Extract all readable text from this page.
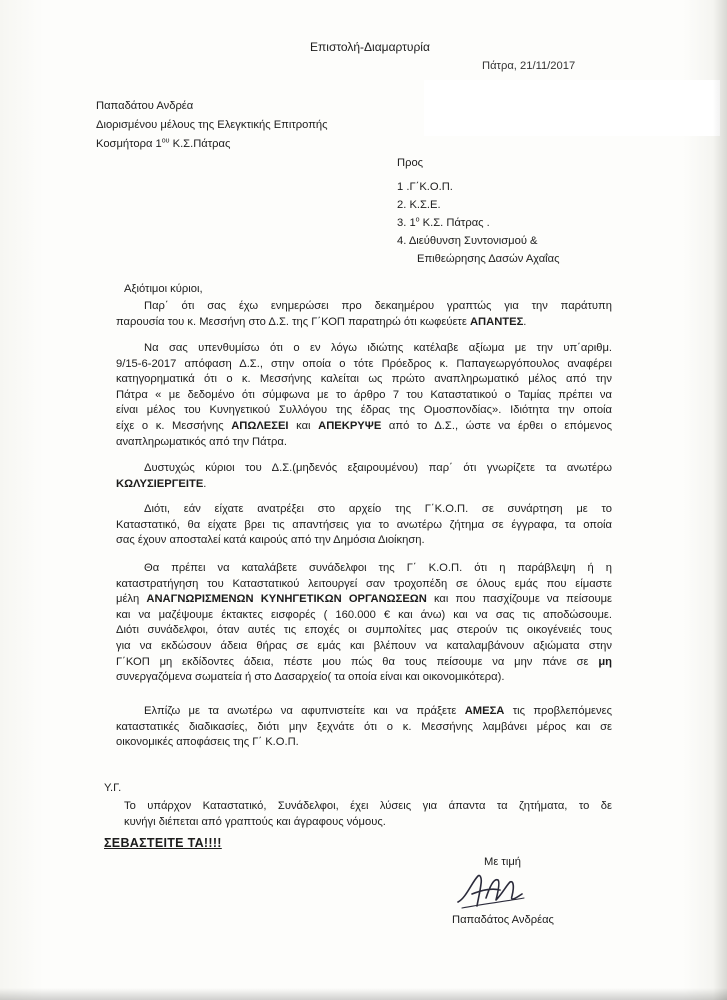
Επιστολή-Διαμαρτυρία
Πάτρα, 21/11/2017
Παπαδάτου Ανδρέα
Διορισμένου μέλους της Ελεγκτικής Επιτροπής
Κοσμήτορα $1^{o\upsilon}$ Κ.Σ.Πάτρας
Προς
1 .Γ΄Κ.Ο.Π.
2. Κ.Σ.Ε.
3. $1^o$ Κ.Σ. Πάτρας .
4. Διεύθυνση Συντονισμού &
Επιθεώρησης Δασών Αχαΐας
Αξιότιμοι κύριοι,
Παρ΄ ότι σας έχω ενημερώσει προ δεκαημέρου γραπτώς για την παράτυπη
παρουσία του κ. Μεσσήνη στο Δ.Σ. της Γ΄ΚΟΠ παρατηρώ ότι κωφεύετε ΑΠΑΝΤΕΣ.
Να σας υπενθυμίσω ότι ο εν λόγω ιδιώτης κατέλαβε αξίωμα με την υπ΄αριθμ.
9/15-6-2017 απόφαση Δ.Σ., στην οποία ο τότε Πρόεδρος κ. Παπαγεωργόπουλος αναφέρει
κατηγορηματικά ότι ο κ. Μεσσήνης καλείται ως πρώτο αναπληρωματικό μέλος από την
Πάτρα « με δεδομένο ότι σύμφωνα με το άρθρο 7 του Καταστατικού ο Ταμίας πρέπει να
είναι μέλος του Κυνηγετικού Συλλόγου της έδρας της Ομοσπονδίας». Ιδιότητα την οποία
είχε ο κ. Μεσσήνης ΑΠΩΛΕΣΕΙ και ΑΠΕΚΡΥΨΕ από το Δ.Σ., ώστε να έρθει ο επόμενος
αναπληρωματικός από την Πάτρα.
Δυστυχώς κύριοι του Δ.Σ.(μηδενός εξαιρουμένου) παρ΄ ότι γνωρίζετε τα ανωτέρω
ΚΩΛΥΣΙΕΡΓΕΙΤΕ.
Διότι, εάν είχατε ανατρέξει στο αρχείο της Γ΄Κ.Ο.Π. σε συνάρτηση με το
Καταστατικό, θα είχατε βρει τις απαντήσεις για το ανωτέρω ζήτημα σε έγγραφα, τα οποία
σας έχουν αποσταλεί κατά καιρούς από την Δημόσια Διοίκηση.
Θα πρέπει να καταλάβετε συνάδελφοι της Γ΄ Κ.Ο.Π. ότι η παράβλεψη ή η
καταστρατήγηση του Καταστατικού λειτουργεί σαν τροχοπέδη σε όλους εμάς που είμαστε
μέλη ΑΝΑΓΝΩΡΙΣΜΕΝΩΝ ΚΥΝΗΓΕΤΙΚΩΝ ΟΡΓΑΝΩΣΕΩΝ και που πασχίζουμε να πείσουμε
και να μαζέψουμε έκτακτες εισφορές ( 160.000 € και άνω) και να σας τις αποδώσουμε.
Διότι συνάδελφοι, όταν αυτές τις εποχές οι συμπολίτες μας στερούν τις οικογένειές τους
για να εκδώσουν άδεια θήρας σε εμάς και βλέπουν να καταλαμβάνουν αξιώματα στην
Γ΄ΚΟΠ μη εκδίδοντες άδεια, πέστε μου πώς θα τους πείσουμε να μην πάνε σε μη
συνεργαζόμενα σωματεία ή στο Δασαρχείο( τα οποία είναι και οικονομικότερα).
Ελπίζω με τα ανωτέρω να αφυπνιστείτε και να πράξετε ΑΜΕΣΑ τις προβλεπόμενες
καταστατικές διαδικασίες, διότι μην ξεχνάτε ότι ο κ. Μεσσήνης λαμβάνει μέρος και σε
οικονομικές αποφάσεις της Γ΄ Κ.Ο.Π.
Υ.Γ.
Το υπάρχον Καταστατικό, Συνάδελφοι, έχει λύσεις για άπαντα τα ζητήματα, το δε
κυνήγι διέπεται από γραπτούς και άγραφους νόμους.
ΣΕΒΑΣΤΕΙΤΕ ΤΑ!!!!
Με τιμή
Παπαδάτος Ανδρέας
